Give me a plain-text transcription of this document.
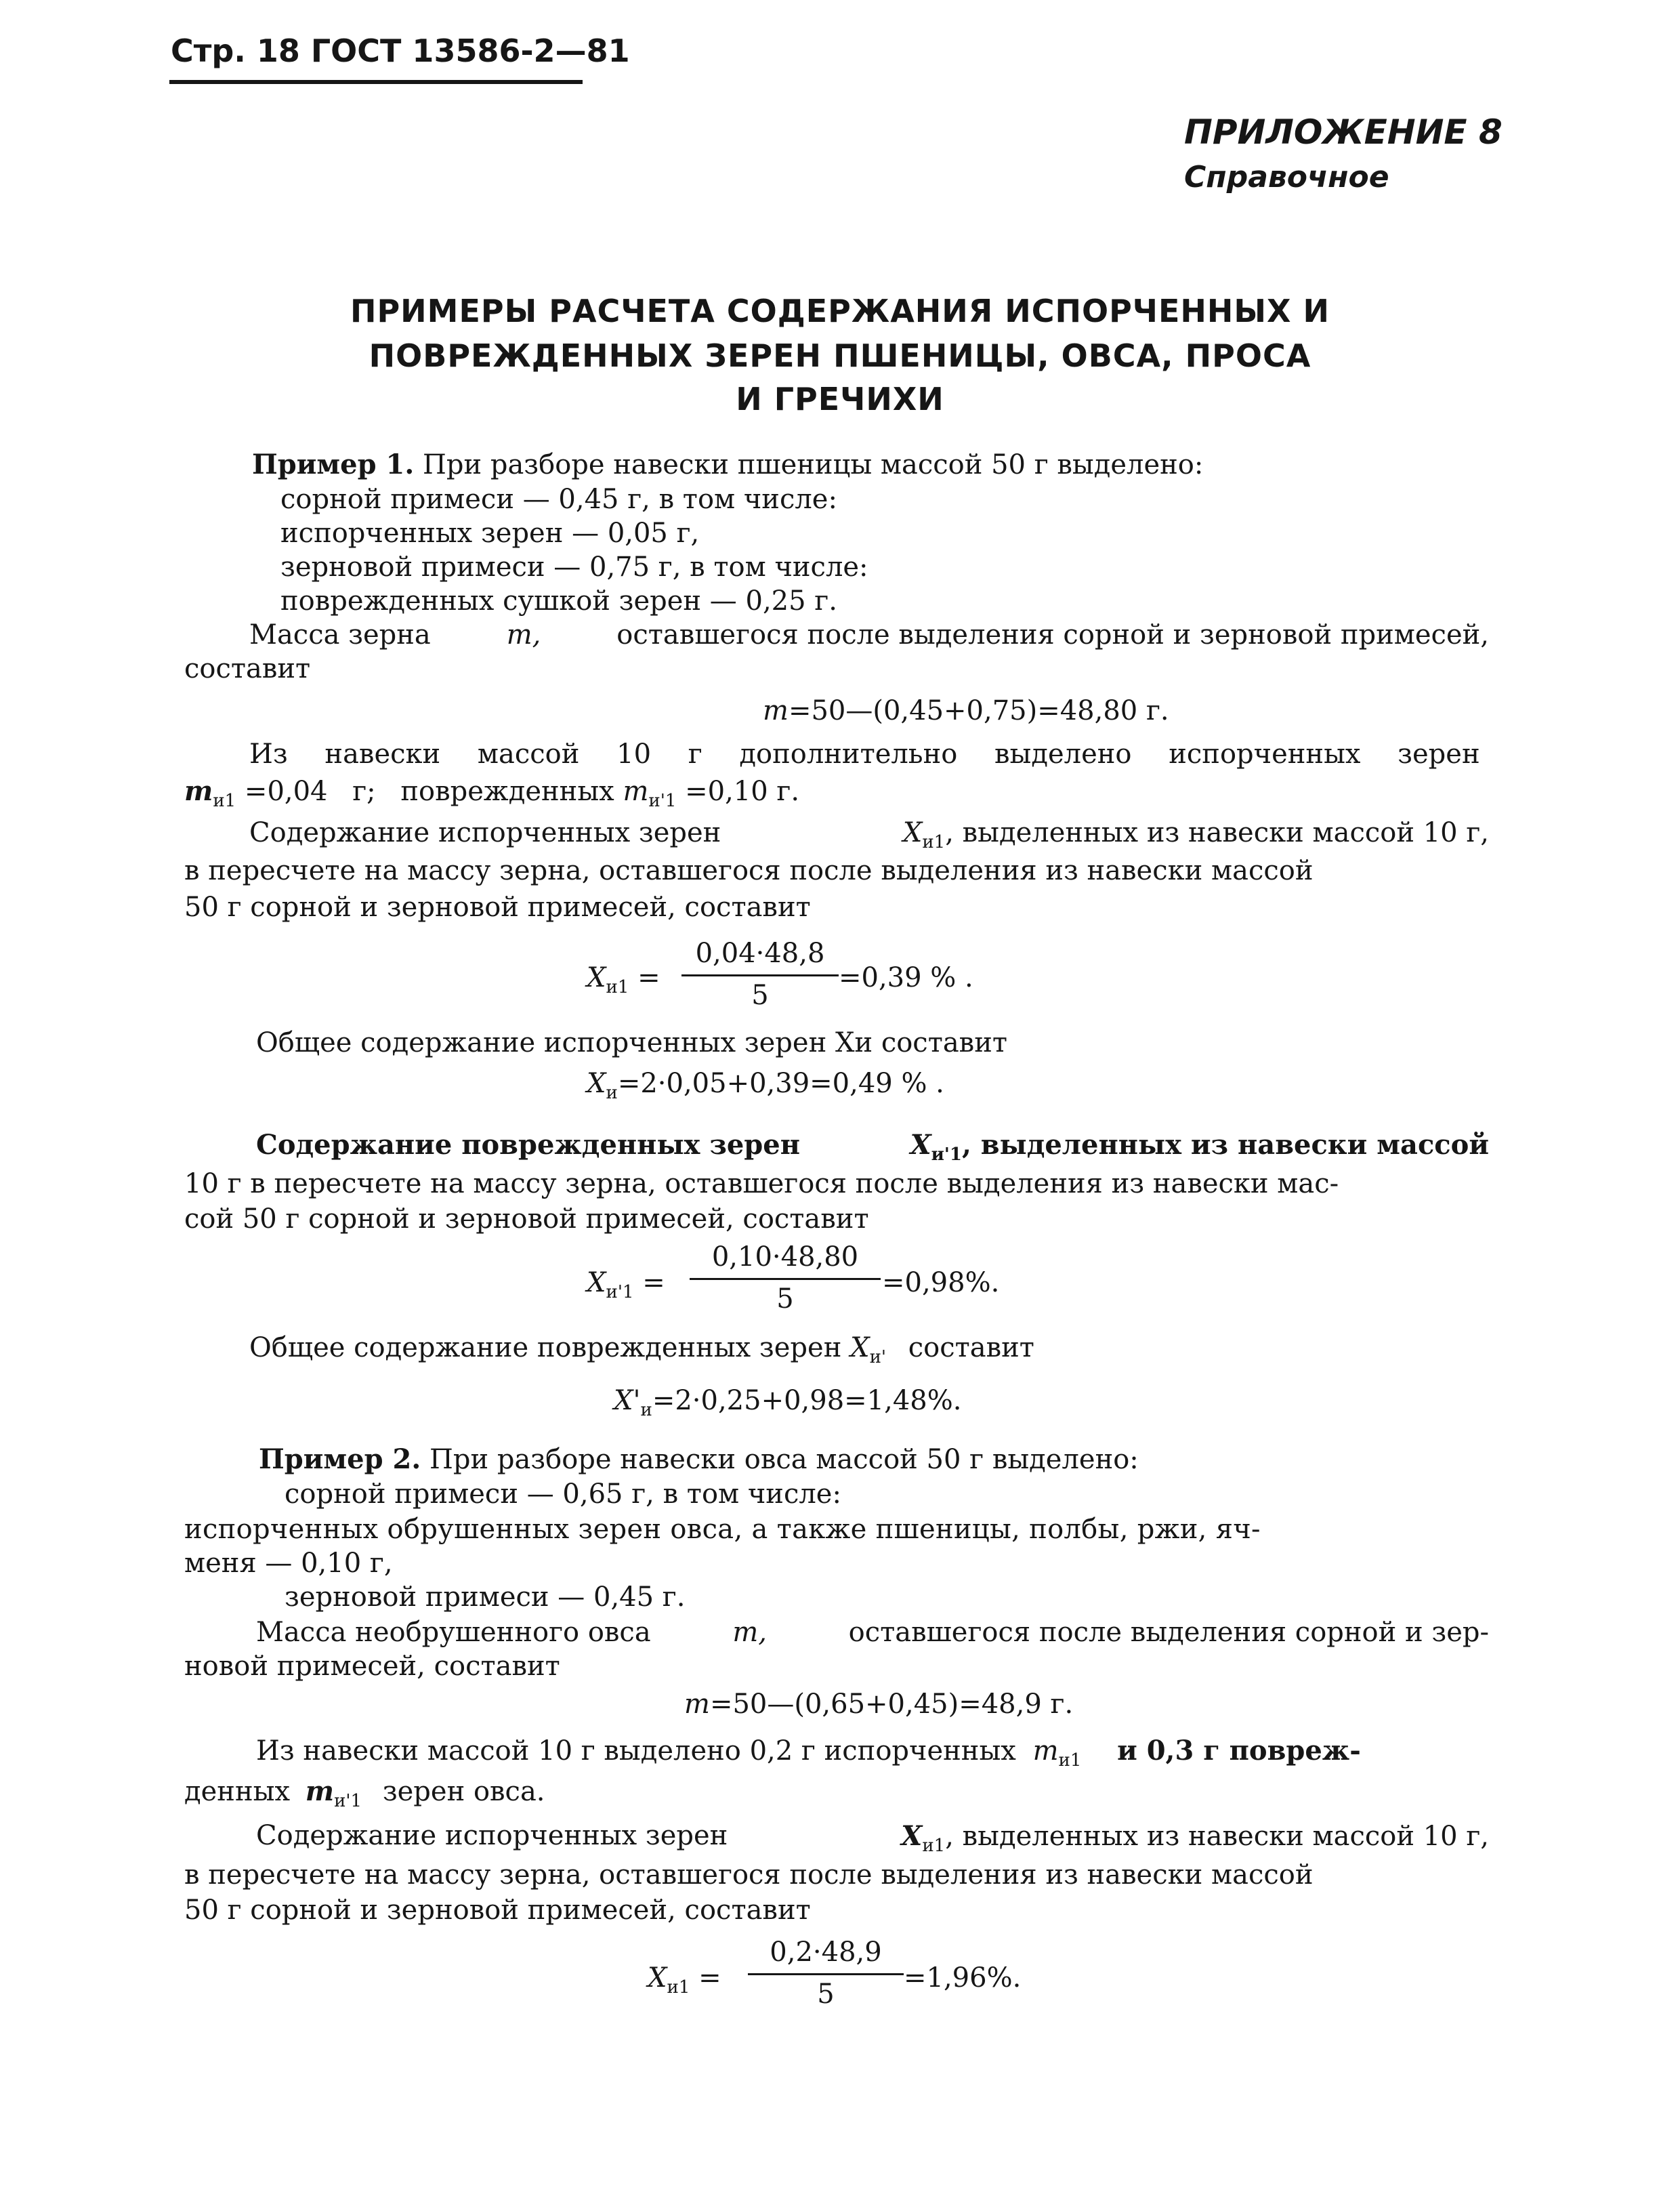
Стр. 18 ГОСТ 13586-2—81
ПРИЛОЖЕНИЕ 8
Справочное
ПРИМЕРЫ РАСЧЕТА СОДЕРЖАНИЯ ИСПОРЧЕННЫХ И
ПОВРЕЖДЕННЫХ ЗЕРЕН ПШЕНИЦЫ, ОВСА, ПРОСА
И ГРЕЧИХИ
Пример 1. При разборе навески пшеницы массой 50 г выделено:
сорной примеси — 0,45 г, в том числе:
испорченных зерен — 0,05 г,
зерновой примеси — 0,75 г, в том числе:
поврежденных сушкой зерен — 0,25 г.
Масса зерна	m,	оставшегося после выделения сорной и зерновой примесей,
составит
m=50—(0,45+0,75)=48,80 г.
Из навески массой 10 г дополнительно выделено испорченных зерен
$m_{и1} =0,04$ г; поврежденных $m_{и'1} =0,10$ г.
Содержание испорченных зерен	$X_{и1}$, выделенных из навески массой 10 г,
в пересчете на массу зерна, оставшегося после выделения из навески массой
50 г сорной и зерновой примесей, составит
$X_{и1}$ =
0,04·48,8
5
=0,39 % .
Общее содержание испорченных зерен Xи составит
$X_и=2\cdot 0,05+0,39=0,49$ % .
Содержание поврежденных зерен	$X_{и'1}$, выделенных из навески массой
10 г в пересчете на массу зерна, оставшегося после выделения из навески мас-
сой 50 г сорной и зерновой примесей, составит
$X_{и'1}$ =
0,10·48,80
5
=0,98%.
Общее содержание поврежденных зерен $X_{и'}$ составит
$X'_и=2\cdot 0,25+0,98=1,48\%$.
Пример 2. При разборе навески овса массой 50 г выделено:
сорной примеси — 0,65 г, в том числе:
испорченных обрушенных зерен овса, а также пшеницы, полбы, ржи, яч-
меня — 0,10 г,
зерновой примеси — 0,45 г.
Масса необрушенного овса	m,	оставшегося после выделения сорной и зер-
новой примесей, составит
m=50—(0,65+0,45)=48,9 г.
Из навески массой 10 г выделено 0,2 г испорченных $m_{и1}$ и 0,3 г повреж-
денных $m_{и'1}$ зерен овса.
Содержание испорченных зерен	$X_{и1}$, выделенных из навески массой 10 г,
в пересчете на массу зерна, оставшегося после выделения из навески массой
50 г сорной и зерновой примесей, составит
$X_{и1}$ =
0,2·48,9
5
=1,96%.
